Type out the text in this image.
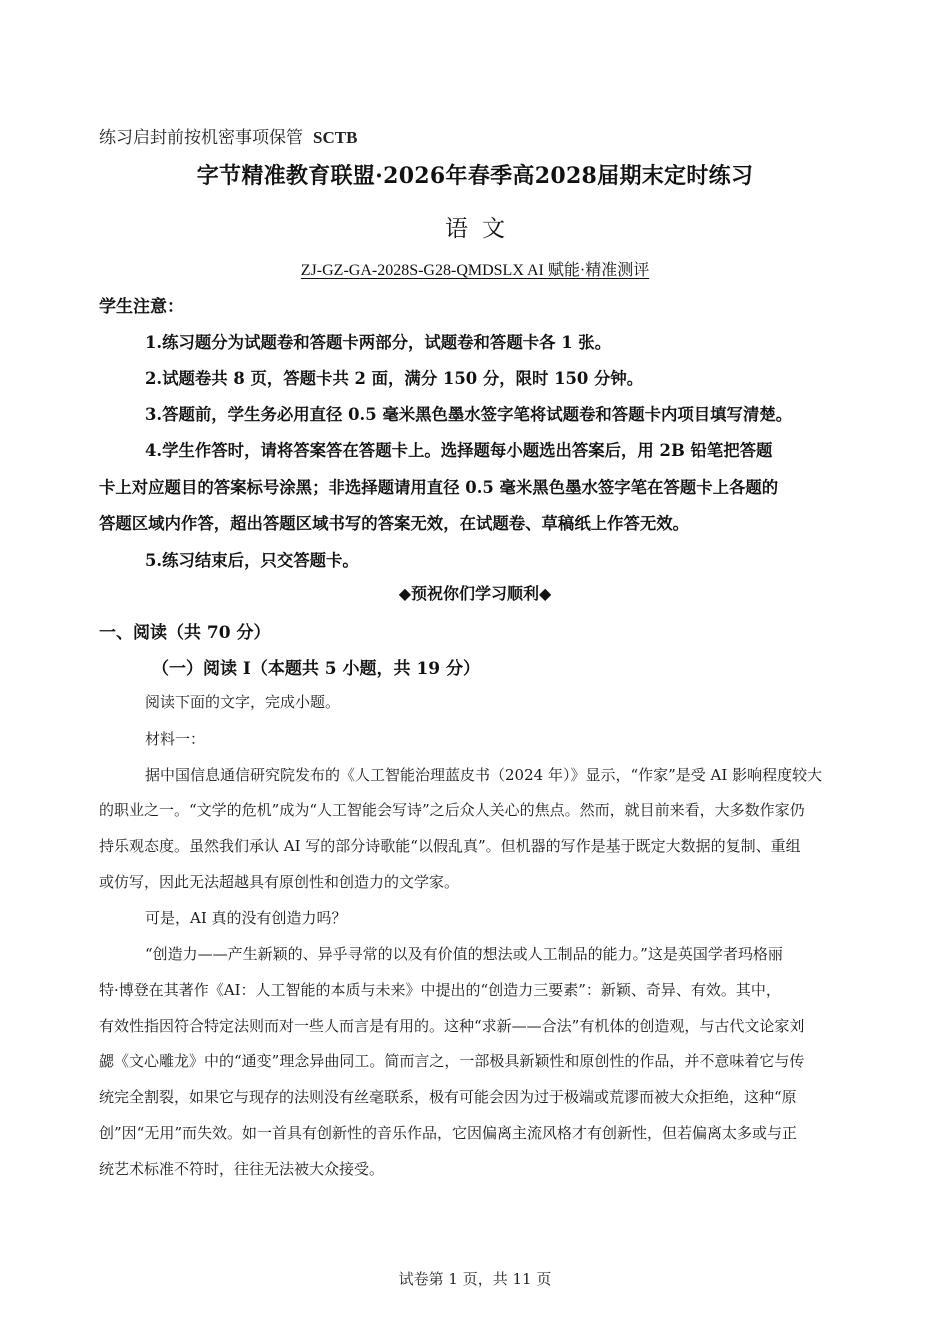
练习启封前按机密事项保管 SCTB
字节精准教育联盟·2026年春季高2028届期末定时练习
语文
ZJ-GZ-GA-2028S-G28-QMDSLX AI 赋能·精准测评
学生注意：
1.练习题分为试题卷和答题卡两部分，试题卷和答题卡各 1 张。
2.试题卷共 8 页，答题卡共 2 面，满分 150 分，限时 150 分钟。
3.答题前，学生务必用直径 0.5 毫米黑色墨水签字笔将试题卷和答题卡内项目填写清楚。
4.学生作答时，请将答案答在答题卡上。选择题每小题选出答案后，用 2B 铅笔把答题
卡上对应题目的答案标号涂黑；非选择题请用直径 0.5 毫米黑色墨水签字笔在答题卡上各题的
答题区域内作答，超出答题区域书写的答案无效，在试题卷、草稿纸上作答无效。
5.练习结束后，只交答题卡。
◆预祝你们学习顺利◆
一、阅读（共 70 分）
（一）阅读 I（本题共 5 小题，共 19 分）
阅读下面的文字，完成小题。
材料一：
据中国信息通信研究院发布的《人工智能治理蓝皮书（2024 年）》显示，“作家”是受 AI 影响程度较大
的职业之一。“文学的危机”成为“人工智能会写诗”之后众人关心的焦点。然而，就目前来看，大多数作家仍
持乐观态度。虽然我们承认 AI 写的部分诗歌能“以假乱真”。但机器的写作是基于既定大数据的复制、重组
或仿写，因此无法超越具有原创性和创造力的文学家。
可是，AI 真的没有创造力吗？
“创造力——产生新颖的、异乎寻常的以及有价值的想法或人工制品的能力。”这是英国学者玛格丽
特·博登在其著作《AI：人工智能的本质与未来》中提出的“创造力三要素”：新颖、奇异、有效。其中，
有效性指因符合特定法则而对一些人而言是有用的。这种“求新——合法”有机体的创造观，与古代文论家刘
勰《文心雕龙》中的“通变”理念异曲同工。简而言之，一部极具新颖性和原创性的作品，并不意味着它与传
统完全割裂，如果它与现存的法则没有丝毫联系，极有可能会因为过于极端或荒谬而被大众拒绝，这种“原
创”因“无用”而失效。如一首具有创新性的音乐作品，它因偏离主流风格才有创新性，但若偏离太多或与正
统艺术标准不符时，往往无法被大众接受。
试卷第 1 页，共 11 页
